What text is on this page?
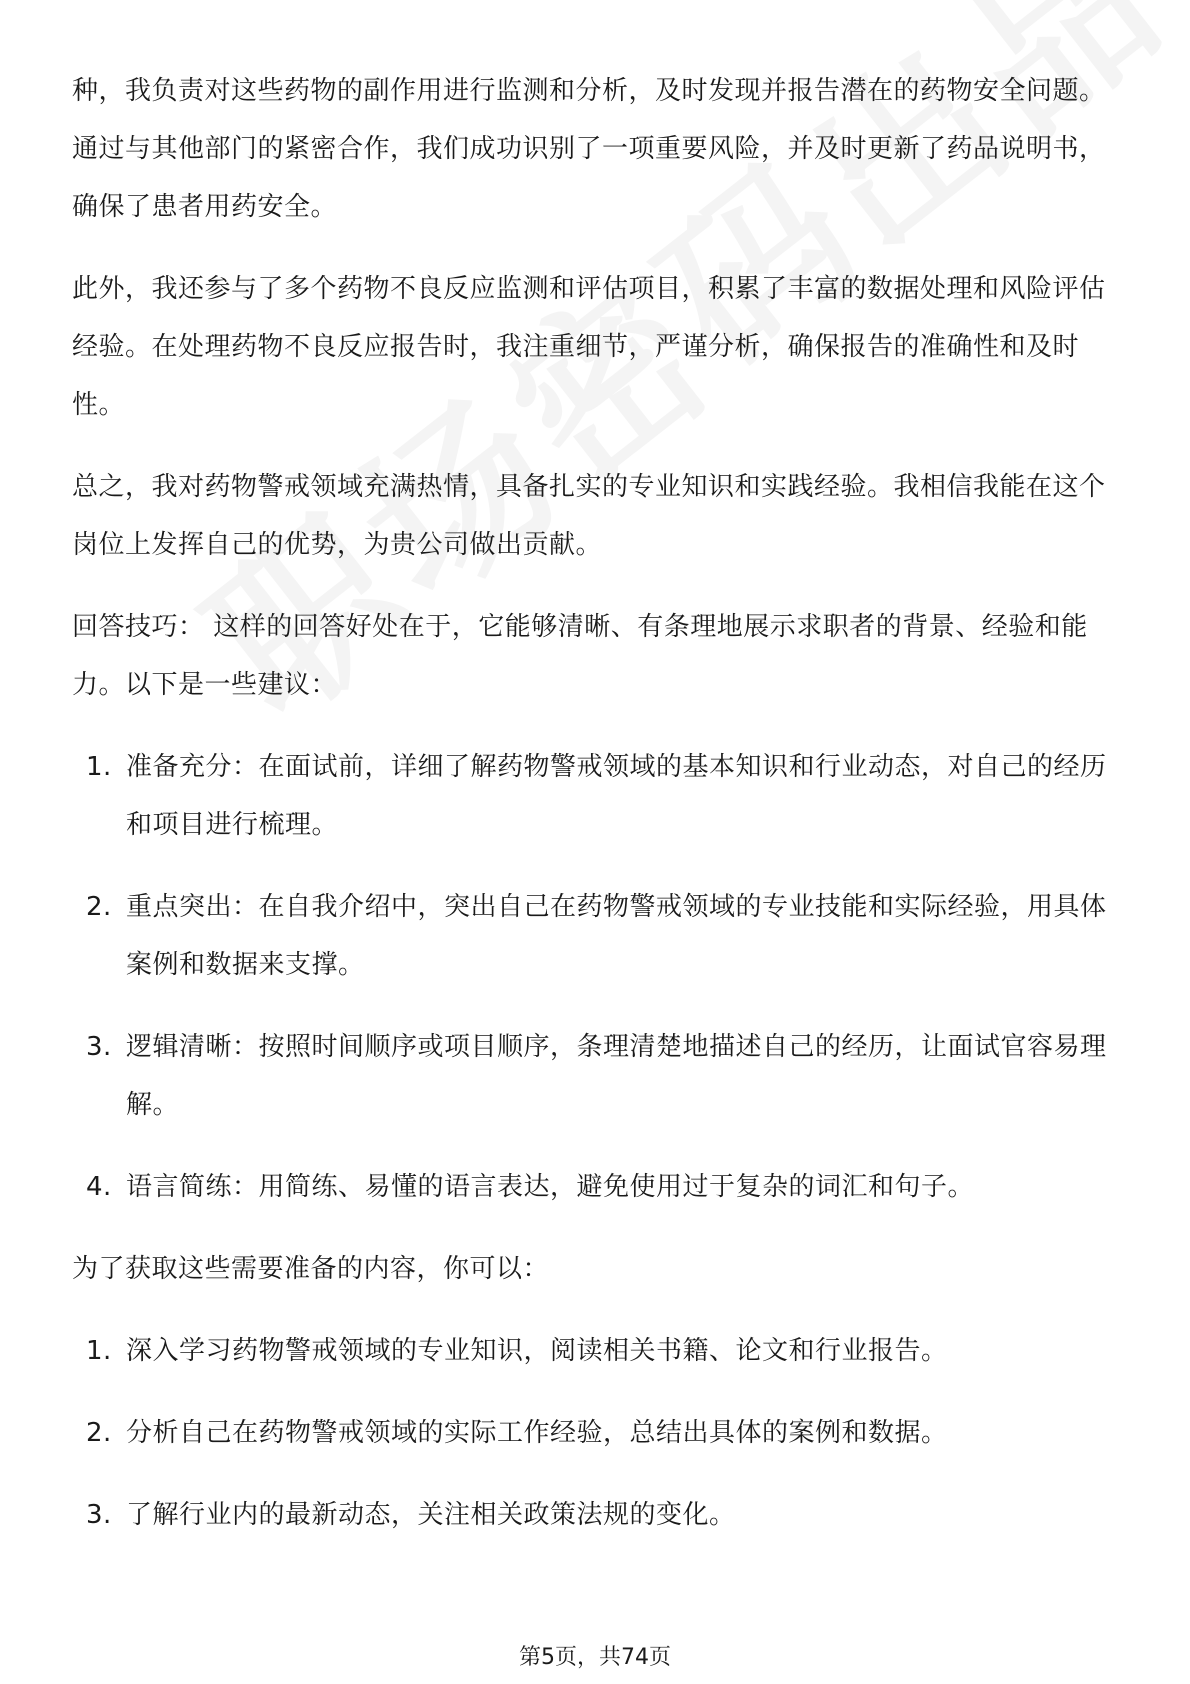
种，我负责对这些药物的副作用进行监测和分析，及时发现并报告潜在的药物安全问题。通过与其他部门的紧密合作，我们成功识别了一项重要风险，并及时更新了药品说明书，确保了患者用药安全。

此外，我还参与了多个药物不良反应监测和评估项目，积累了丰富的数据处理和风险评估经验。在处理药物不良反应报告时，我注重细节，严谨分析，确保报告的准确性和及时性。

总之，我对药物警戒领域充满热情，具备扎实的专业知识和实践经验。我相信我能在这个岗位上发挥自己的优势，为贵公司做出贡献。

回答技巧： 这样的回答好处在于，它能够清晰、有条理地展示求职者的背景、经验和能力。以下是一些建议：

1. 准备充分：在面试前，详细了解药物警戒领域的基本知识和行业动态，对自己的经历和项目进行梳理。
2. 重点突出：在自我介绍中，突出自己在药物警戒领域的专业技能和实际经验，用具体案例和数据来支撑。
3. 逻辑清晰：按照时间顺序或项目顺序，条理清楚地描述自己的经历，让面试官容易理解。
4. 语言简练：用简练、易懂的语言表达，避免使用过于复杂的词汇和句子。

为了获取这些需要准备的内容，你可以：

1. 深入学习药物警戒领域的专业知识，阅读相关书籍、论文和行业报告。
2. 分析自己在药物警戒领域的实际工作经验，总结出具体的案例和数据。
3. 了解行业内的最新动态，关注相关政策法规的变化。
第5页，共74页
